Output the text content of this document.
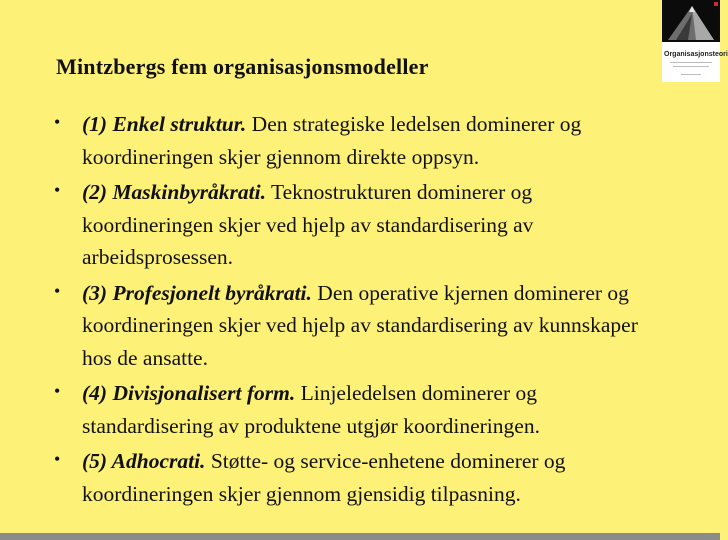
Mintzbergs fem organisasjonsmodeller
• (1) Enkel struktur. Den strategiske ledelsen dominerer og koordineringen skjer gjennom direkte oppsyn.
• (2) Maskinbyråkrati. Teknostrukturen dominerer og koordineringen skjer ved hjelp av standardisering av arbeidsprosessen.
• (3) Profesjonelt byråkrati. Den operative kjernen dominerer og koordineringen skjer ved hjelp av standardisering av kunnskaper hos de ansatte.
• (4) Divisjonalisert form. Linjeledelsen dominerer og standardisering av produktene utgjør koordineringen.
• (5) Adhocrati. Støtte- og service-enhetene dominerer og koordineringen skjer gjennom gjensidig tilpasning.
Organisasjonsteori
